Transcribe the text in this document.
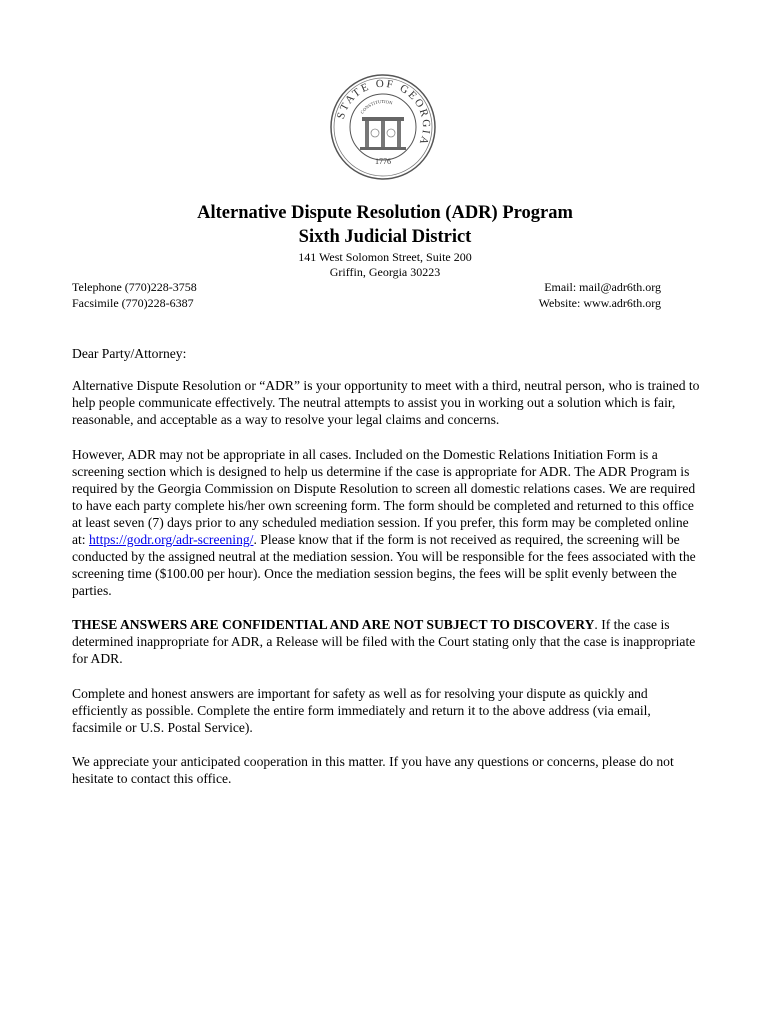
STATE OF GEORGIA
CONSTITUTION
1776
Alternative Dispute Resolution (ADR) Program
Sixth Judicial District
141 West Solomon Street, Suite 200
Griffin, Georgia 30223
Telephone (770)228-3758
Facsimile (770)228-6387
Email: mail@adr6th.org
Website: www.adr6th.org
Dear Party/Attorney:
Alternative Dispute Resolution or “ADR” is your opportunity to meet with a third, neutral person, who is trained to help people communicate effectively. The neutral attempts to assist you in working out a solution which is fair, reasonable, and acceptable as a way to resolve your legal claims and concerns.
However, ADR may not be appropriate in all cases. Included on the Domestic Relations Initiation Form is a screening section which is designed to help us determine if the case is appropriate for ADR. The ADR Program is required by the Georgia Commission on Dispute Resolution to screen all domestic relations cases. We are required to have each party complete his/her own screening form. The form should be completed and returned to this office at least seven (7) days prior to any scheduled mediation session. If you prefer, this form may be completed online at: https://godr.org/adr-screening/. Please know that if the form is not received as required, the screening will be conducted by the assigned neutral at the mediation session. You will be responsible for the fees associated with the screening time ($100.00 per hour). Once the mediation session begins, the fees will be split evenly between the parties.
THESE ANSWERS ARE CONFIDENTIAL AND ARE NOT SUBJECT TO DISCOVERY. If the case is determined inappropriate for ADR, a Release will be filed with the Court stating only that the case is inappropriate for ADR.
Complete and honest answers are important for safety as well as for resolving your dispute as quickly and efficiently as possible. Complete the entire form immediately and return it to the above address (via email, facsimile or U.S. Postal Service).
We appreciate your anticipated cooperation in this matter. If you have any questions or concerns, please do not hesitate to contact this office.
